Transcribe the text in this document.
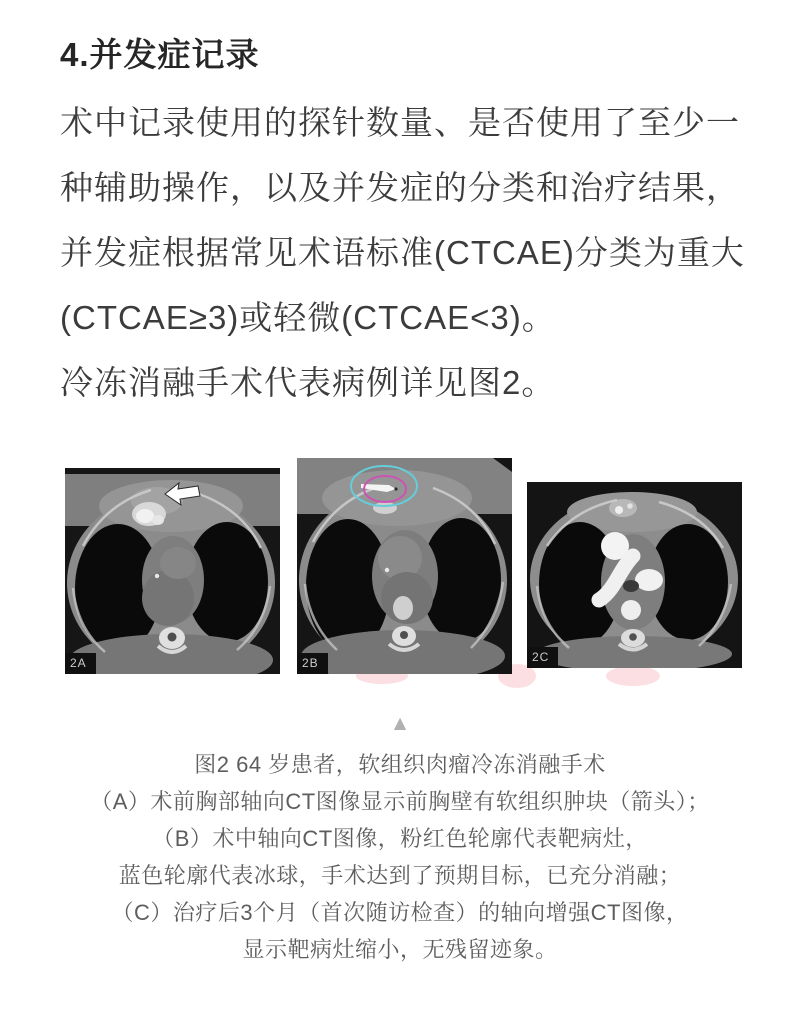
4.并发症记录
术中记录使用的探针数量、是否使用了至少一
种辅助操作，以及并发症的分类和治疗结果，
并发症根据常见术语标准(CTCAE)分类为重大
(CTCAE≥3)或轻微(CTCAE<3)。
冷冻消融手术代表病例详见图2。
2A	2B	2C
▲
图2 64 岁患者，软组织肉瘤冷冻消融手术
（A）术前胸部轴向CT图像显示前胸壁有软组织肿块（箭头）；
（B）术中轴向CT图像，粉红色轮廓代表靶病灶，
蓝色轮廓代表冰球，手术达到了预期目标，已充分消融；
（C）治疗后3个月（首次随访检查）的轴向增强CT图像，
显示靶病灶缩小，无残留迹象。
